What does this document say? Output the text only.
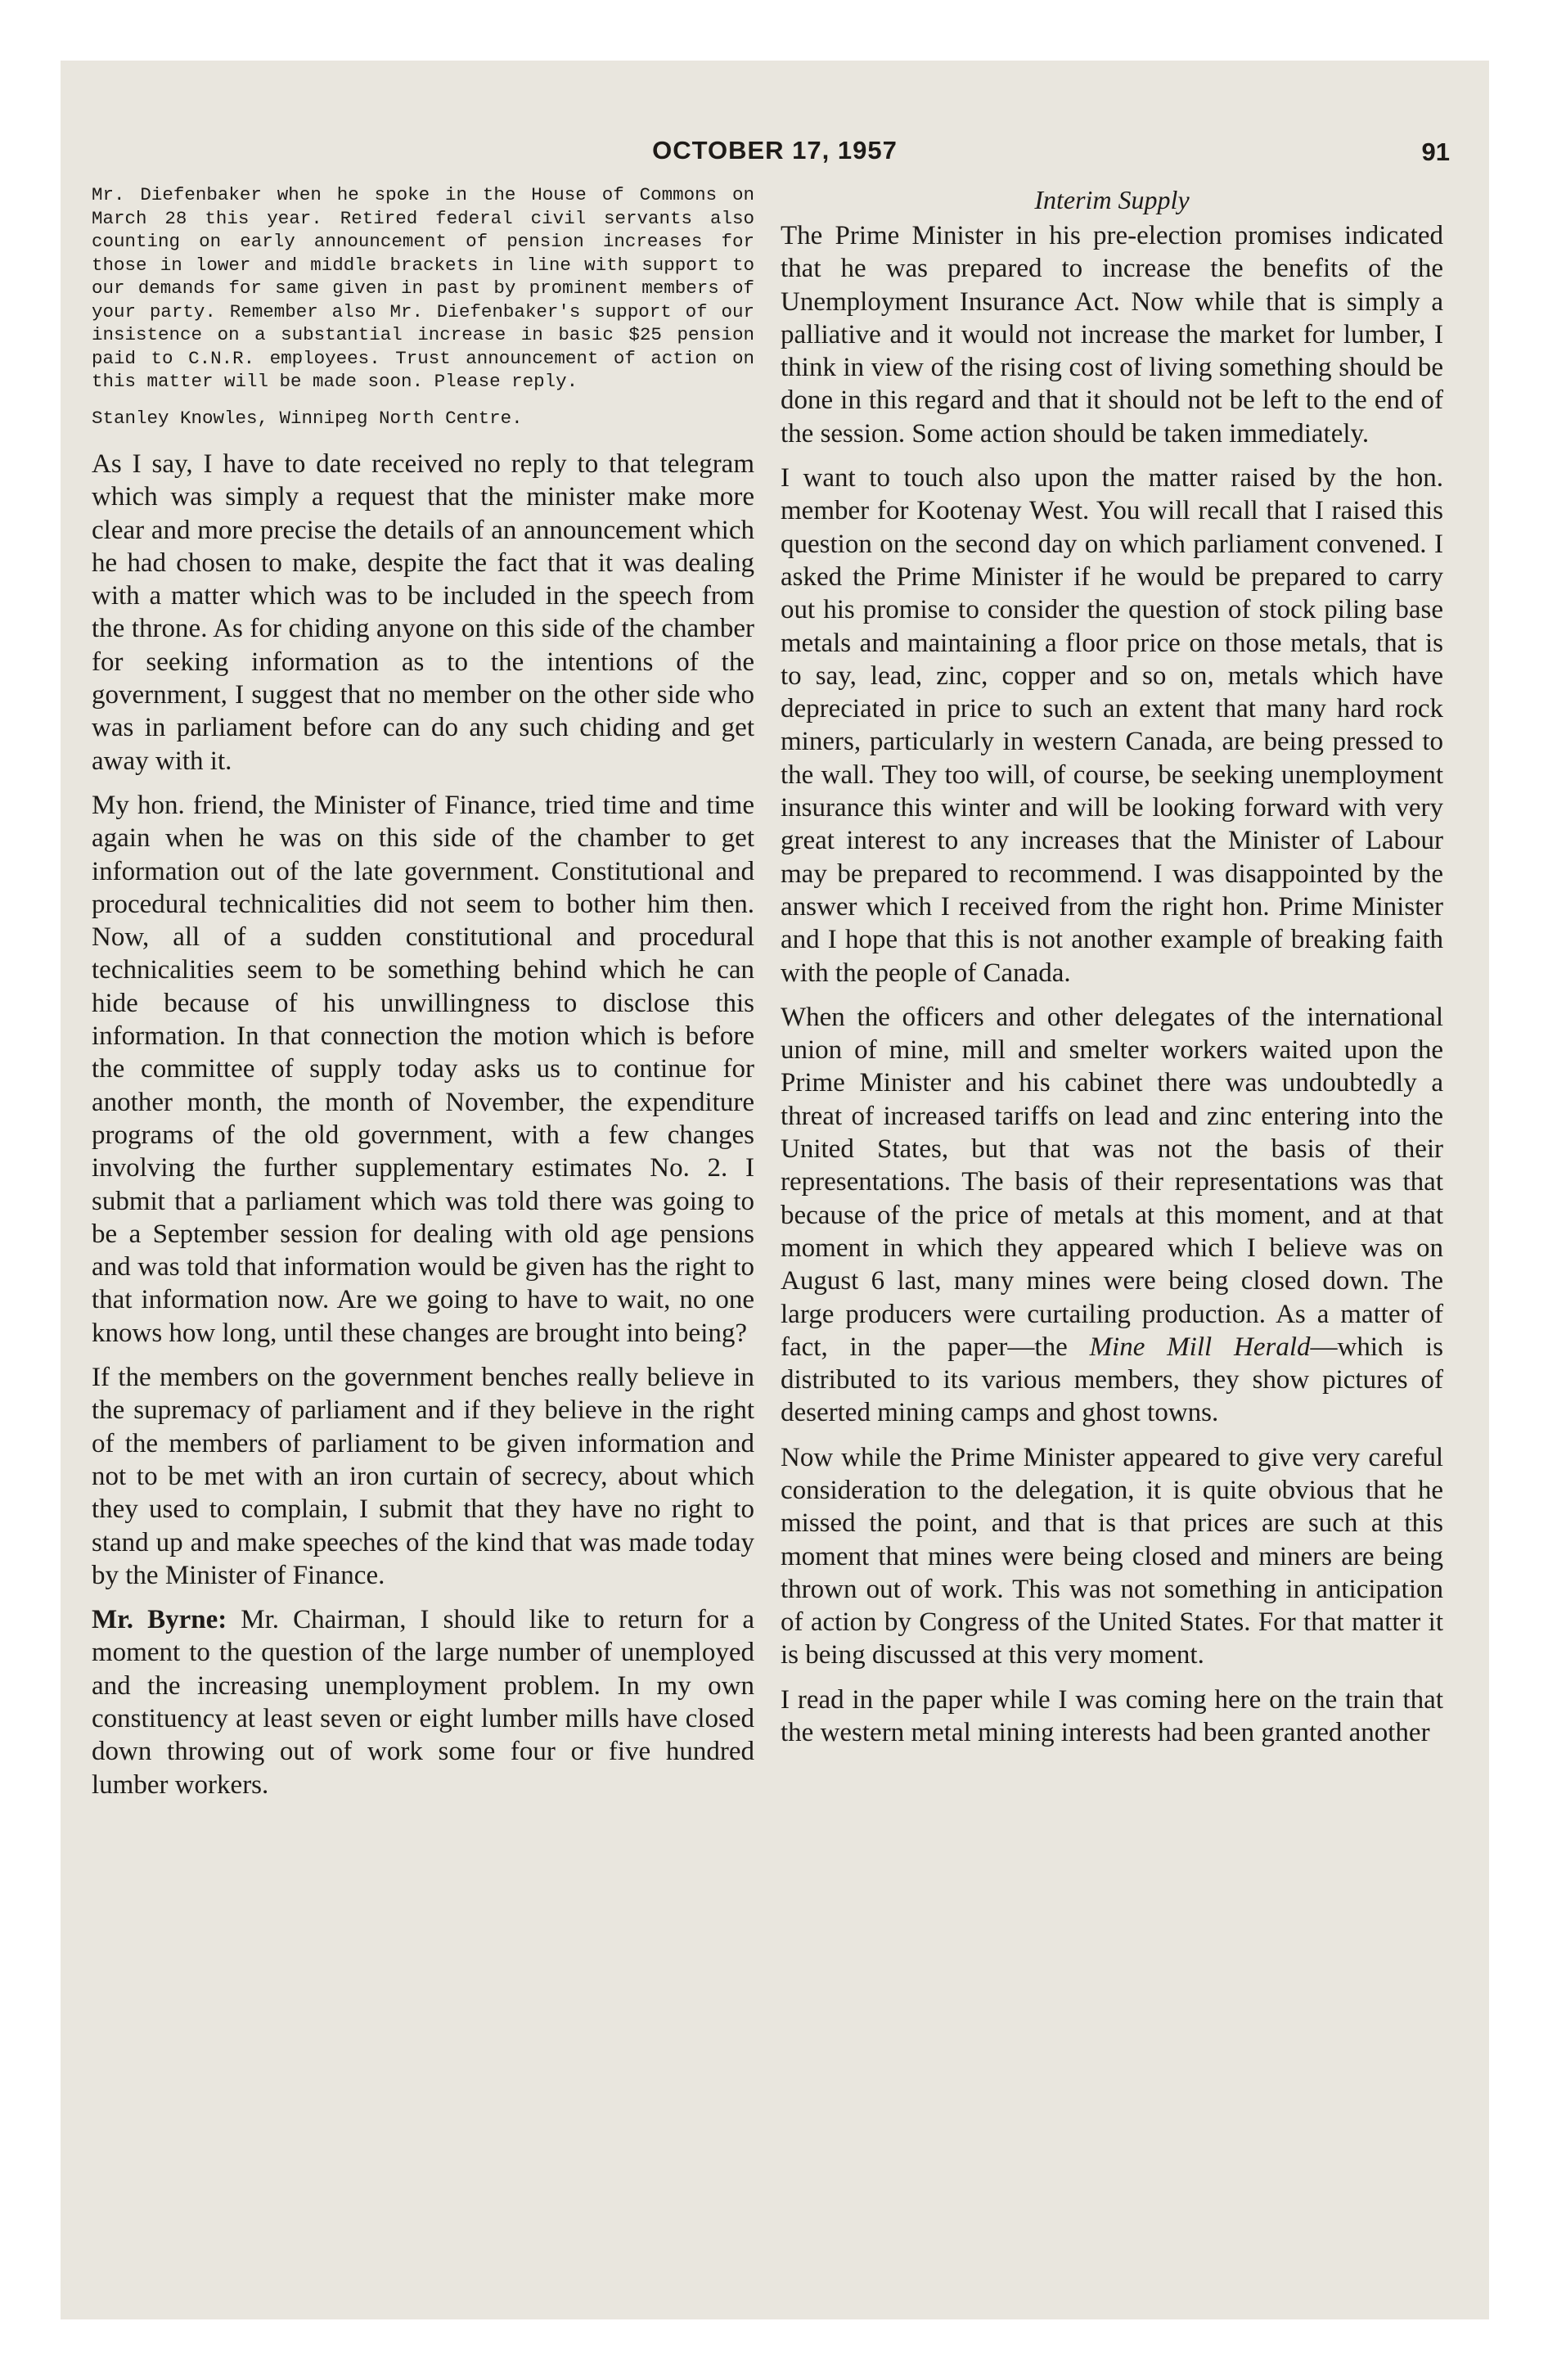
OCTOBER 17, 1957	91

Mr. Diefenbaker when he spoke in the House of Commons on March 28 this year. Retired federal civil servants also counting on early announcement of pension increases for those in lower and middle brackets in line with support to our demands for same given in past by prominent members of your party. Remember also Mr. Diefenbaker's support of our insistence on a substantial increase in basic $25 pension paid to C.N.R. employees. Trust announcement of action on this matter will be made soon. Please reply.

Stanley Knowles, Winnipeg North Centre.

As I say, I have to date received no reply to that telegram which was simply a request that the minister make more clear and more precise the details of an announcement which he had chosen to make, despite the fact that it was dealing with a matter which was to be included in the speech from the throne. As for chiding anyone on this side of the chamber for seeking information as to the intentions of the government, I suggest that no member on the other side who was in parliament before can do any such chiding and get away with it.

My hon. friend, the Minister of Finance, tried time and time again when he was on this side of the chamber to get information out of the late government. Constitutional and procedural technicalities did not seem to bother him then. Now, all of a sudden constitutional and procedural technicalities seem to be something behind which he can hide because of his unwillingness to disclose this information. In that connection the motion which is before the committee of supply today asks us to continue for another month, the month of November, the expenditure programs of the old government, with a few changes involving the further supplementary estimates No. 2. I submit that a parliament which was told there was going to be a September session for dealing with old age pensions and was told that information would be given has the right to that information now. Are we going to have to wait, no one knows how long, until these changes are brought into being?

If the members on the government benches really believe in the supremacy of parliament and if they believe in the right of the members of parliament to be given information and not to be met with an iron curtain of secrecy, about which they used to complain, I submit that they have no right to stand up and make speeches of the kind that was made today by the Minister of Finance.

Mr. Byrne: Mr. Chairman, I should like to return for a moment to the question of the large number of unemployed and the increasing unemployment problem. In my own constituency at least seven or eight lumber mills have closed down throwing out of work some four or five hundred lumber workers.

Interim Supply

The Prime Minister in his pre-election promises indicated that he was prepared to increase the benefits of the Unemployment Insurance Act. Now while that is simply a palliative and it would not increase the market for lumber, I think in view of the rising cost of living something should be done in this regard and that it should not be left to the end of the session. Some action should be taken immediately.

I want to touch also upon the matter raised by the hon. member for Kootenay West. You will recall that I raised this question on the second day on which parliament convened. I asked the Prime Minister if he would be prepared to carry out his promise to consider the question of stock piling base metals and maintaining a floor price on those metals, that is to say, lead, zinc, copper and so on, metals which have depreciated in price to such an extent that many hard rock miners, particularly in western Canada, are being pressed to the wall. They too will, of course, be seeking unemployment insurance this winter and will be looking forward with very great interest to any increases that the Minister of Labour may be prepared to recommend. I was disappointed by the answer which I received from the right hon. Prime Minister and I hope that this is not another example of breaking faith with the people of Canada.

When the officers and other delegates of the international union of mine, mill and smelter workers waited upon the Prime Minister and his cabinet there was undoubtedly a threat of increased tariffs on lead and zinc entering into the United States, but that was not the basis of their representations. The basis of their representations was that because of the price of metals at this moment, and at that moment in which they appeared which I believe was on August 6 last, many mines were being closed down. The large producers were curtailing production. As a matter of fact, in the paper—the Mine Mill Herald—which is distributed to its various members, they show pictures of deserted mining camps and ghost towns.

Now while the Prime Minister appeared to give very careful consideration to the delegation, it is quite obvious that he missed the point, and that is that prices are such at this moment that mines were being closed and miners are being thrown out of work. This was not something in anticipation of action by Congress of the United States. For that matter it is being discussed at this very moment.

I read in the paper while I was coming here on the train that the western metal mining interests had been granted another
